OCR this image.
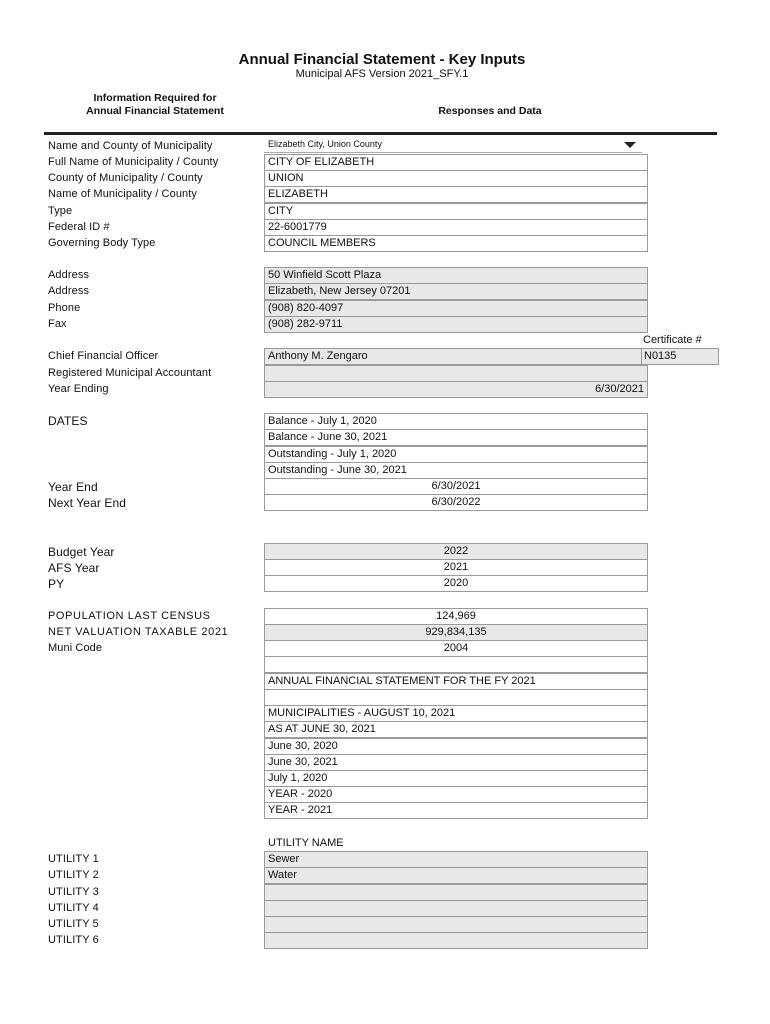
Annual Financial Statement - Key Inputs
Municipal AFS Version 2021_SFY.1
Information Required for
Annual Financial Statement	Responses and Data
Name and County of Municipality	Elizabeth City, Union County
Full Name of Municipality / County	CITY OF ELIZABETH
County of Municipality / County	UNION
Name of Municipality / County	ELIZABETH
Type	CITY
Federal ID #	22-6001779
Governing Body Type	COUNCIL MEMBERS
Address	50 Winfield Scott Plaza
Address	Elizabeth, New Jersey 07201
Phone	(908) 820-4097
Fax	(908) 282-9711
Certificate #
Chief Financial Officer	Anthony M. Zengaro	N0135
Registered Municipal Accountant
Year Ending	6/30/2021
DATES	Balance - July 1, 2020
Balance - June 30, 2021
Outstanding - July 1, 2020
Outstanding - June 30, 2021
Year End	6/30/2021
Next Year End	6/30/2022
Budget Year	2022
AFS Year	2021
PY	2020
POPULATION LAST CENSUS	124,969
NET VALUATION TAXABLE 2021	929,834,135
Muni Code	2004
ANNUAL FINANCIAL STATEMENT FOR THE FY 2021
MUNICIPALITIES - AUGUST 10, 2021
AS AT JUNE 30, 2021
June 30, 2020
June 30, 2021
July 1, 2020
YEAR - 2020
YEAR - 2021
UTILITY NAME
UTILITY 1	Sewer
UTILITY 2	Water
UTILITY 3
UTILITY 4
UTILITY 5
UTILITY 6
